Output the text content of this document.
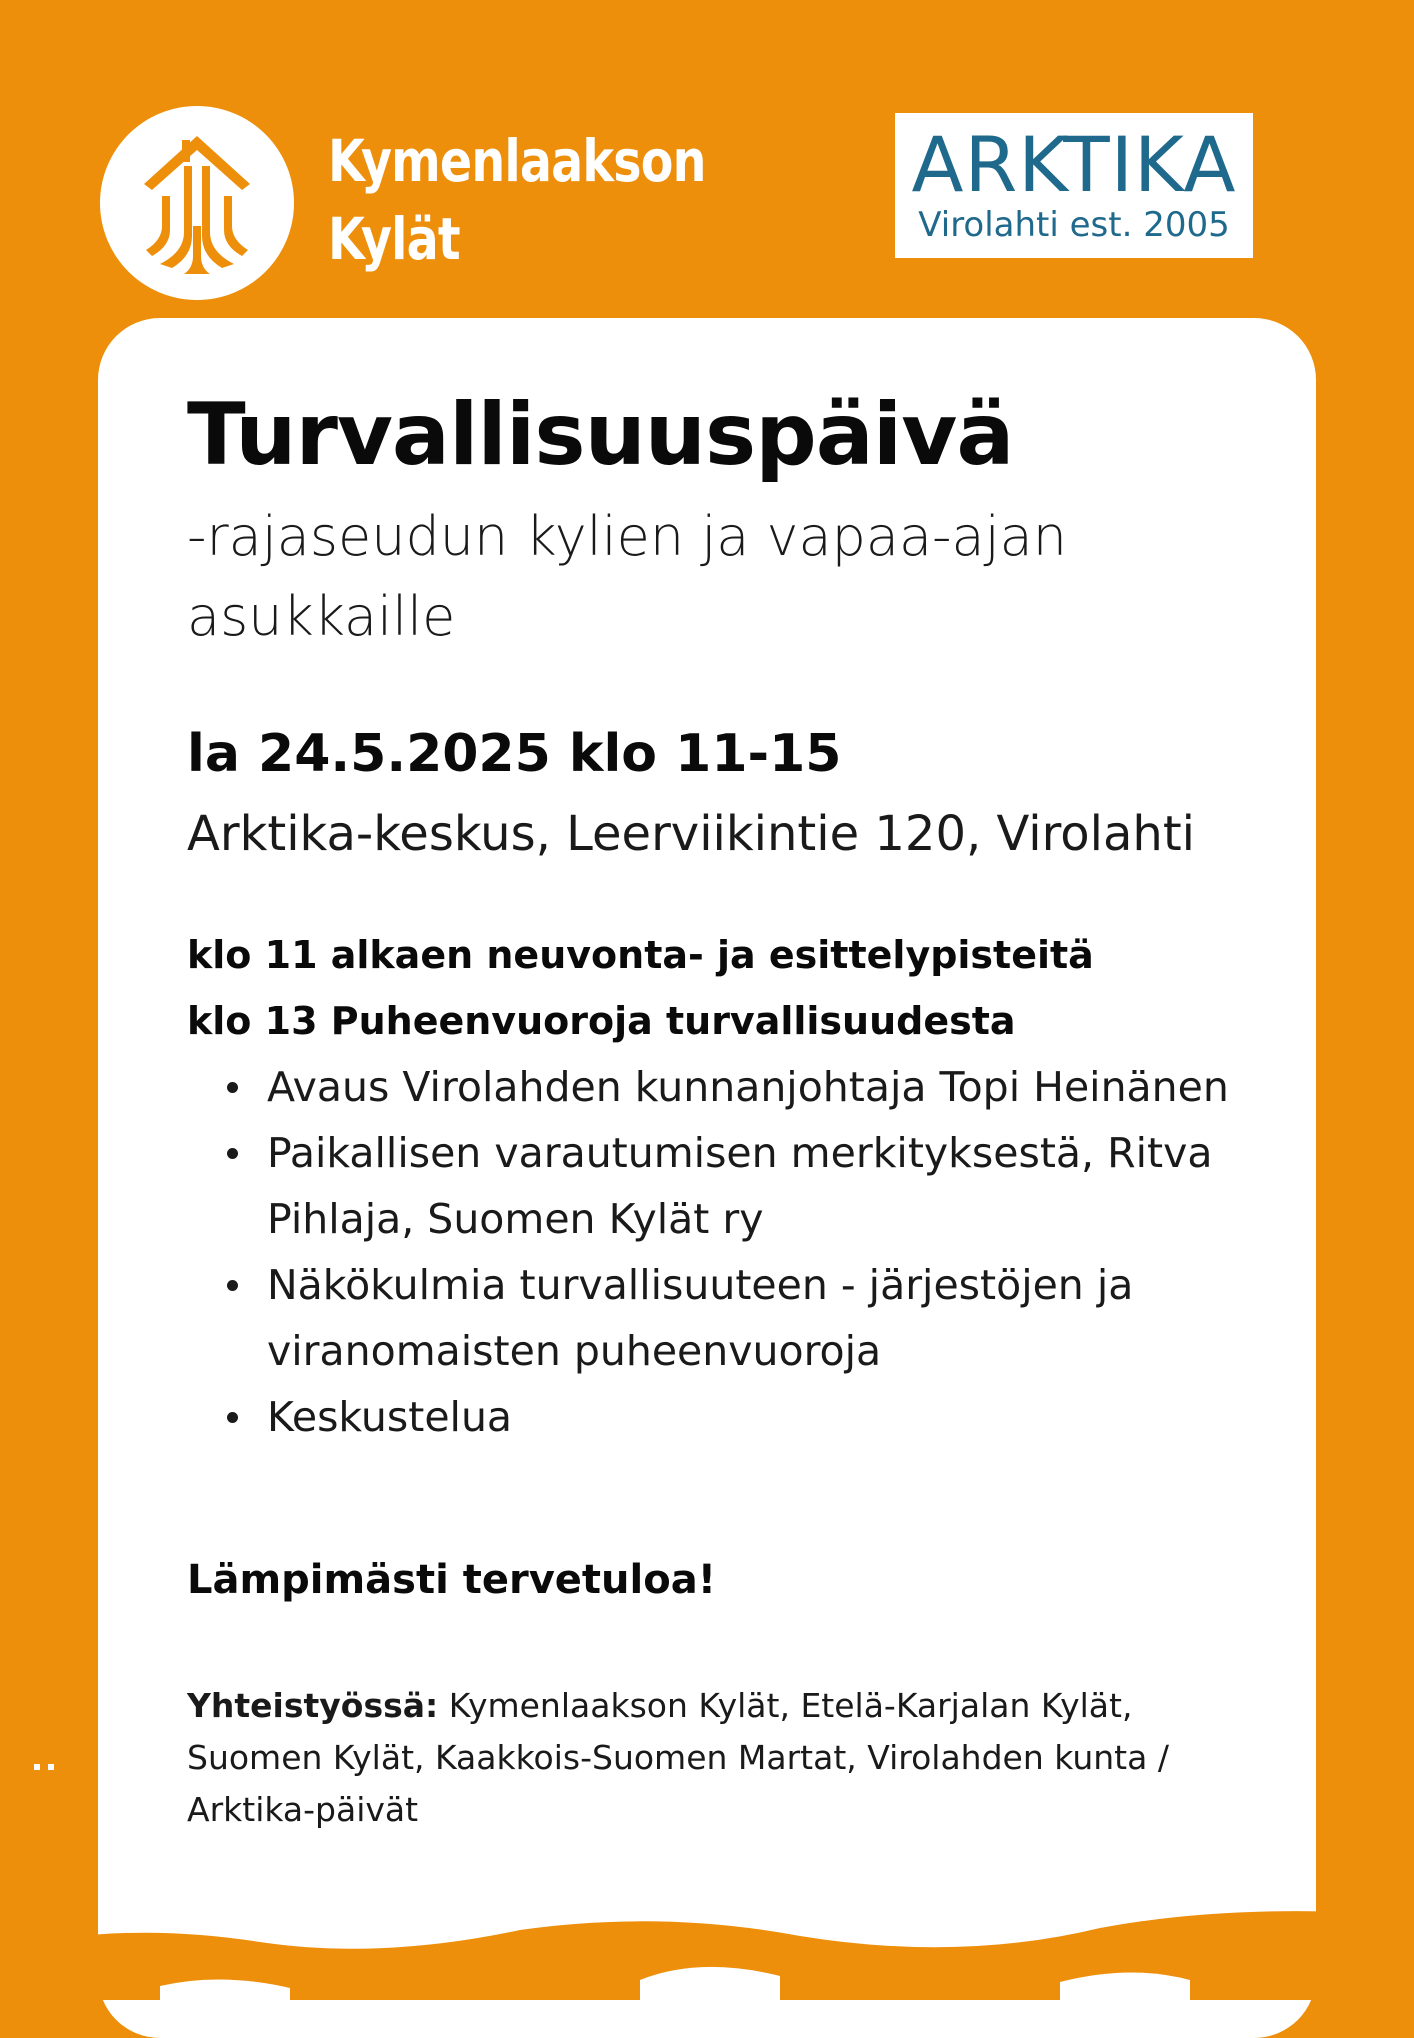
Kymenlaakson
Kylät
ARKTIKA
Virolahti est. 2005
Turvallisuuspäivä
-rajaseudun kylien ja vapaa-ajan asukkaille
la 24.5.2025 klo 11-15
Arktika-keskus, Leerviikintie 120, Virolahti
klo 11 alkaen neuvonta- ja esittelypisteitä
klo 13 Puheenvuoroja turvallisuudesta
Avaus Virolahden kunnanjohtaja Topi Heinänen
Paikallisen varautumisen merkityksestä, Ritva Pihlaja, Suomen Kylät ry
Näkökulmia turvallisuuteen - järjestöjen ja viranomaisten puheenvuoroja
Keskustelua
Lämpimästi tervetuloa!
Yhteistyössä: Kymenlaakson Kylät, Etelä-Karjalan Kylät, Suomen Kylät, Kaakkois-Suomen Martat, Virolahden kunta / Arktika-päivät
